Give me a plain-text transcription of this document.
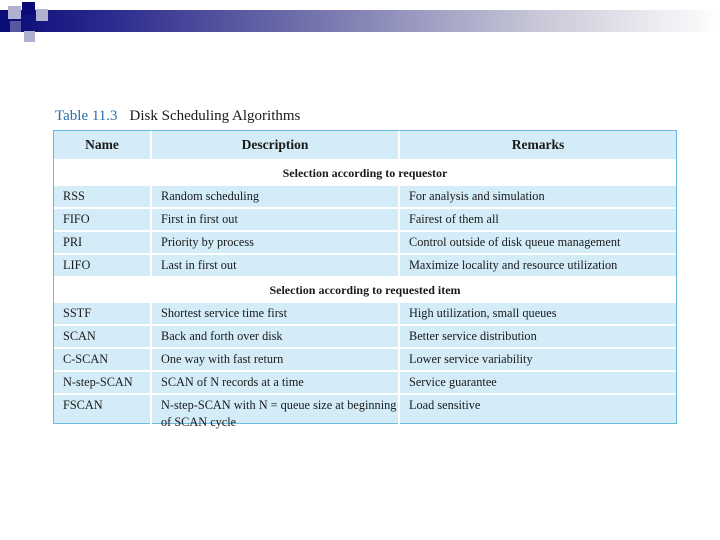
Table 11.3 Disk Scheduling Algorithms
Name	Description	Remarks
Selection according to requestor		
RSS	Random scheduling	For analysis and simulation
FIFO	First in first out	Fairest of them all
PRI	Priority by process	Control outside of disk queue management
LIFO	Last in first out	Maximize locality and resource utilization
Selection according to requested item		
SSTF	Shortest service time first	High utilization, small queues
SCAN	Back and forth over disk	Better service distribution
C-SCAN	One way with fast return	Lower service variability
N-step-SCAN	SCAN of N records at a time	Service guarantee
FSCAN	N-step-SCAN with N = queue size at beginning of SCAN cycle	Load sensitive
